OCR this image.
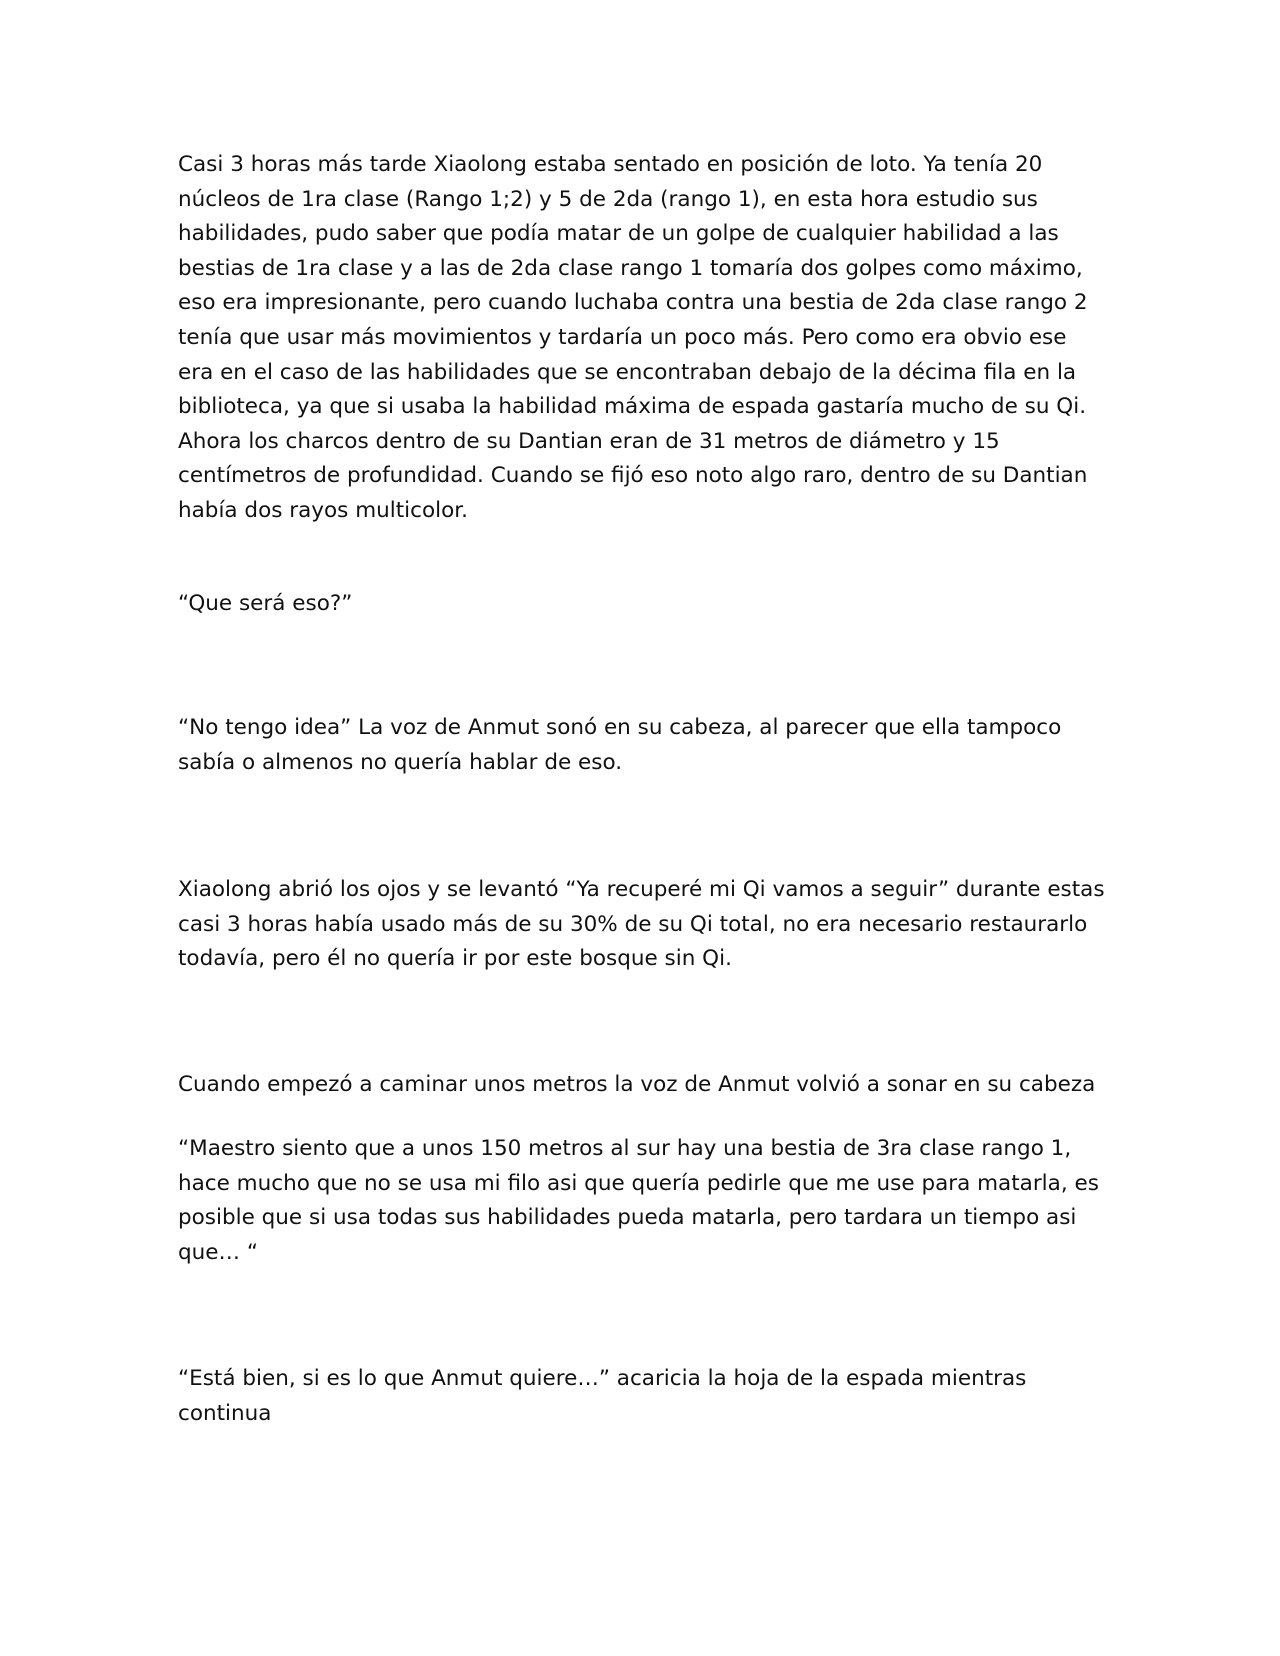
Casi 3 horas más tarde Xiaolong estaba sentado en posición de loto. Ya tenía 20 núcleos de 1ra clase (Rango 1;2) y 5 de 2da (rango 1), en esta hora estudio sus habilidades, pudo saber que podía matar de un golpe de cualquier habilidad a las bestias de 1ra clase y a las de 2da clase rango 1 tomaría dos golpes como máximo, eso era impresionante, pero cuando luchaba contra una bestia de 2da clase rango 2 tenía que usar más movimientos y tardaría un poco más. Pero como era obvio ese era en el caso de las habilidades que se encontraban debajo de la décima fila en la biblioteca, ya que si usaba la habilidad máxima de espada gastaría mucho de su Qi. Ahora los charcos dentro de su Dantian eran de 31 metros de diámetro y 15 centímetros de profundidad. Cuando se fijó eso noto algo raro, dentro de su Dantian había dos rayos multicolor.

“Que será eso?”

“No tengo idea” La voz de Anmut sonó en su cabeza, al parecer que ella tampoco sabía o almenos no quería hablar de eso.

Xiaolong abrió los ojos y se levantó “Ya recuperé mi Qi vamos a seguir” durante estas casi 3 horas había usado más de su 30% de su Qi total, no era necesario restaurarlo todavía, pero él no quería ir por este bosque sin Qi.

Cuando empezó a caminar unos metros la voz de Anmut volvió a sonar en su cabeza

“Maestro siento que a unos 150 metros al sur hay una bestia de 3ra clase rango 1, hace mucho que no se usa mi filo asi que quería pedirle que me use para matarla, es posible que si usa todas sus habilidades pueda matarla, pero tardara un tiempo asi que… “

“Está bien, si es lo que Anmut quiere…” acaricia la hoja de la espada mientras continua
